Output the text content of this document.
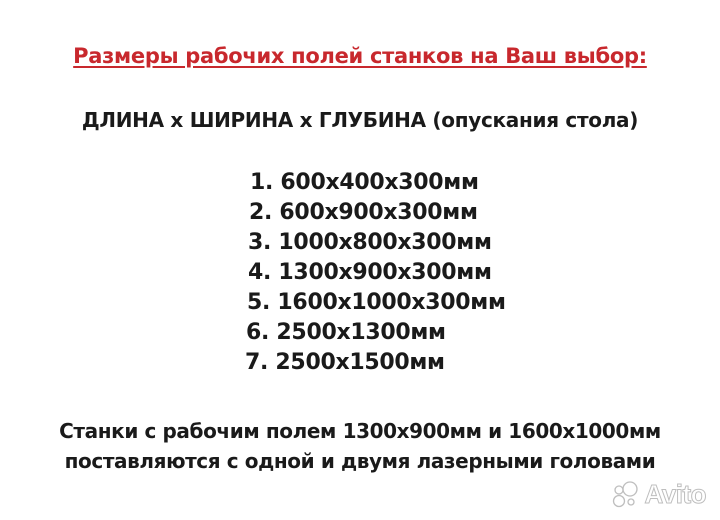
Размеры рабочих полей станков на Ваш выбор:
ДЛИНА х ШИРИНА х ГЛУБИНА (опускания стола)
1. 600х400х300мм
2. 600х900х300мм
3. 1000х800х300мм
4. 1300х900х300мм
5. 1600х1000х300мм
6. 2500х1300мм
7. 2500х1500мм
Станки с рабочим полем 1300х900мм и 1600х1000мм
поставляются с одной и двумя лазерными головами
Avito
